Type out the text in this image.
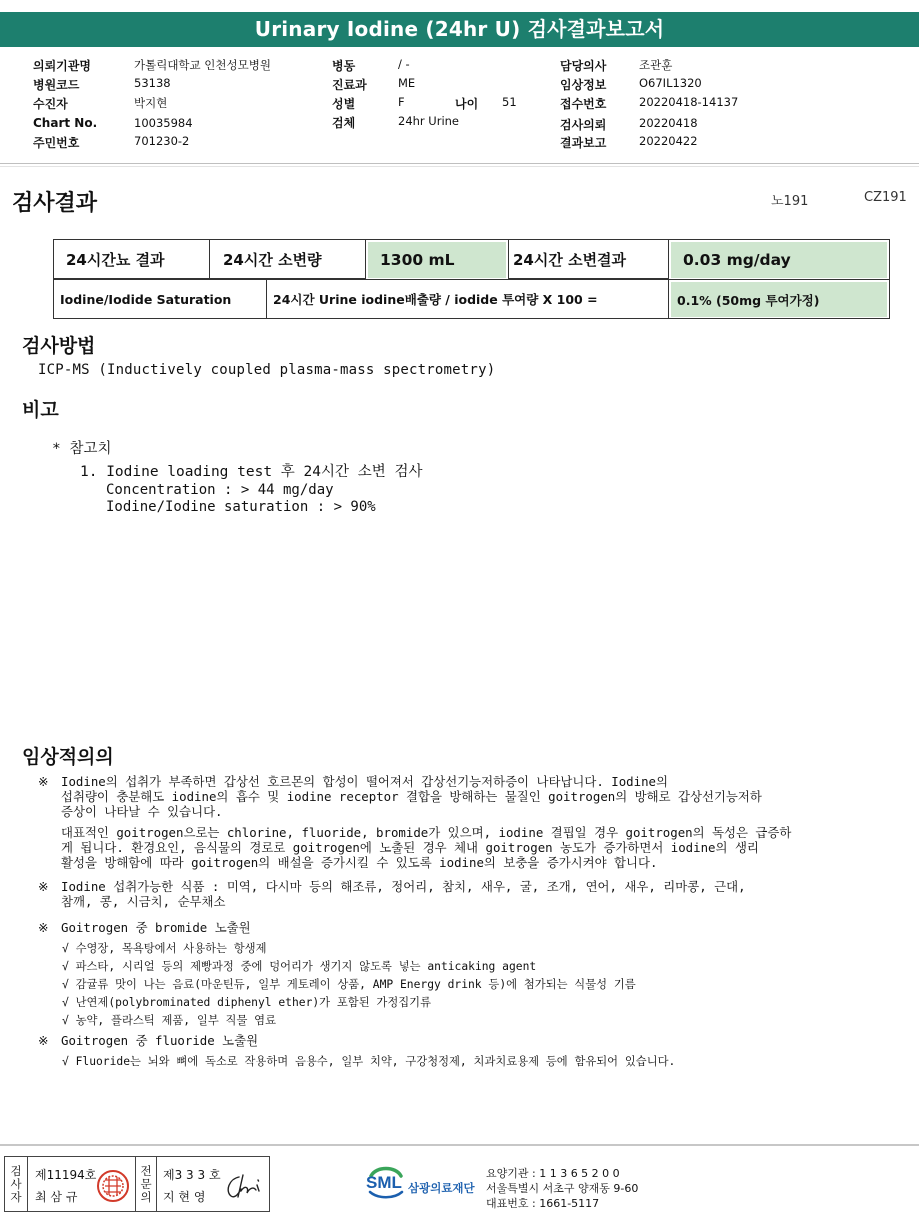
Urinary Iodine (24hr U) 검사결과보고서
의뢰기관명	가톨릭대학교 인천성모병원
병원코드	53138
수진자	박지현
Chart No.	10035984
주민번호	701230-2
병동	/ -
진료과	ME
성별	F	나이 51
검체	24hr Urine
담당의사	조관훈
임상정보	O67IL1320
접수번호	20220418-14137
검사의뢰	20220418
결과보고	20220422
검사결과	노191	CZ191
24시간뇨 결과	24시간 소변량	1300 mL	24시간 소변결과	0.03 mg/day
Iodine/Iodide Saturation	24시간 Urine iodine배출량 / iodide 투여량 X 100 =	0.1% (50mg 투여가정)
검사방법
ICP-MS (Inductively coupled plasma-mass spectrometry)
비고
* 참고치
1. Iodine loading test 후 24시간 소변 검사
Concentration : > 44 mg/day
Iodine/Iodine saturation : > 90%
임상적의의
※ Iodine의 섭취가 부족하면 갑상선 호르몬의 합성이 떨어져서 갑상선기능저하증이 나타납니다. Iodine의
섭취량이 충분해도 iodine의 흡수 및 iodine receptor 결합을 방해하는 물질인 goitrogen의 방해로 갑상선기능저하
증상이 나타날 수 있습니다.
대표적인 goitrogen으로는 chlorine, fluoride, bromide가 있으며, iodine 결핍일 경우 goitrogen의 독성은 급증하
게 됩니다. 환경요인, 음식물의 경로로 goitrogen에 노출된 경우 체내 goitrogen 농도가 증가하면서 iodine의 생리
활성을 방해함에 따라 goitrogen의 배설을 증가시킬 수 있도록 iodine의 보충을 증가시켜야 합니다.
※ Iodine 섭취가능한 식품 : 미역, 다시마 등의 해조류, 정어리, 참치, 새우, 굴, 조개, 연어, 새우, 리마콩, 근대,
참깨, 콩, 시금치, 순무채소
※ Goitrogen 중 bromide 노출원
√ 수영장, 목욕탕에서 사용하는 항생제
√ 파스타, 시리얼 등의 제빵과정 중에 덩어리가 생기지 않도록 넣는 anticaking agent
√ 감귤류 맛이 나는 음료(마운틴듀, 일부 게토레이 상품, AMP Energy drink 등)에 첨가되는 식물성 기름
√ 난연제(polybrominated diphenyl ether)가 포함된 가정집기류
√ 농약, 플라스틱 제품, 일부 직물 염료
※ Goitrogen 중 fluoride 노출원
√ Fluoride는 뇌와 뼈에 독소로 작용하며 음용수, 일부 치약, 구강청정제, 치과치료용제 등에 함유되어 있습니다.
검
사
자
제11194호
최 삼 규
전
문
의
제3 3 3 호
지 현 영
SML 삼광의료재단
요양기관 : 1 1 3 6 5 2 0 0
서울특별시 서초구 양재동 9-60
대표번호 : 1661-5117
